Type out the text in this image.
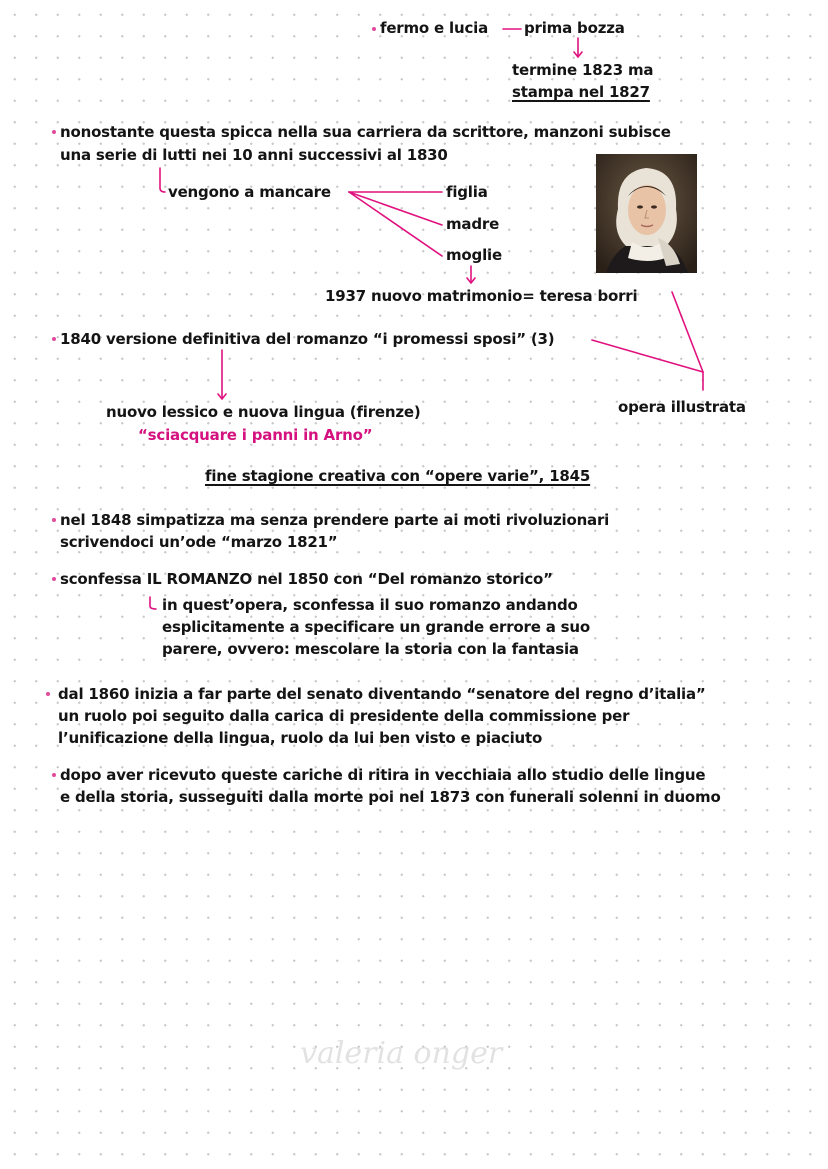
fermo e lucia prima bozza
termine 1823 ma
stampa nel 1827
nonostante questa spicca nella sua carriera da scrittore, manzoni subisce
una serie di lutti nei 10 anni successivi al 1830
vengono a mancare	figlia
madre
moglie
1937 nuovo matrimonio= teresa borri
1840 versione definitiva del romanzo “i promessi sposi” (3)
opera illustrata
nuovo lessico e nuova lingua (firenze)
“sciacquare i panni in Arno”
fine stagione creativa con “opere varie”, 1845
nel 1848 simpatizza ma senza prendere parte ai moti rivoluzionari
scrivendoci un’ode “marzo 1821”
sconfessa IL ROMANZO nel 1850 con “Del romanzo storico”
in quest’opera, sconfessa il suo romanzo andando
esplicitamente a specificare un grande errore a suo
parere, ovvero: mescolare la storia con la fantasia
dal 1860 inizia a far parte del senato diventando “senatore del regno d’italia”
un ruolo poi seguito dalla carica di presidente della commissione per
l’unificazione della lingua, ruolo da lui ben visto e piaciuto
dopo aver ricevuto queste cariche di ritira in vecchiaia allo studio delle lingue
e della storia, susseguiti dalla morte poi nel 1873 con funerali solenni in duomo
valeria onger
